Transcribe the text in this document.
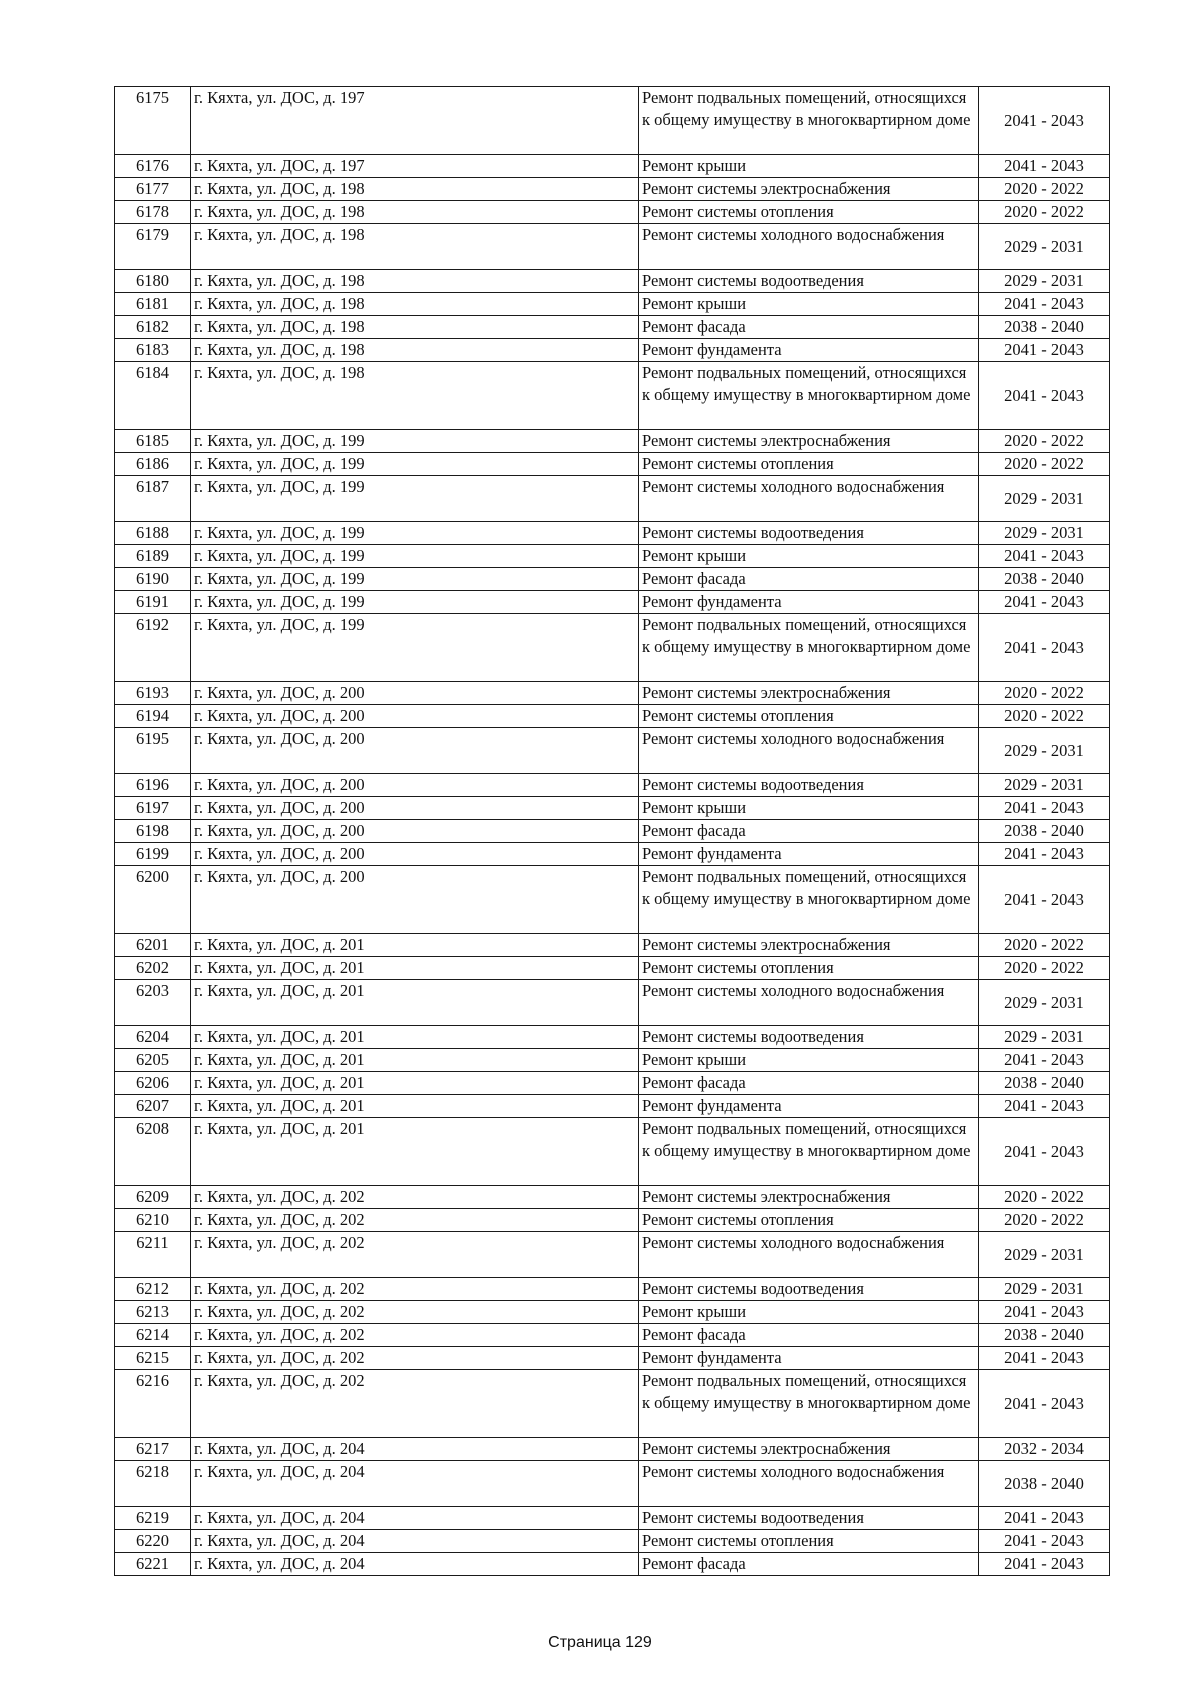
6175	г. Кяхта, ул. ДОС, д. 197	Ремонт подвальных помещений, относящихся к общему имуществу в многоквартирном доме	2041 - 2043
6176	г. Кяхта, ул. ДОС, д. 197	Ремонт крыши	2041 - 2043
6177	г. Кяхта, ул. ДОС, д. 198	Ремонт системы электроснабжения	2020 - 2022
6178	г. Кяхта, ул. ДОС, д. 198	Ремонт системы отопления	2020 - 2022
6179	г. Кяхта, ул. ДОС, д. 198	Ремонт системы холодного водоснабжения	2029 - 2031
6180	г. Кяхта, ул. ДОС, д. 198	Ремонт системы водоотведения	2029 - 2031
6181	г. Кяхта, ул. ДОС, д. 198	Ремонт крыши	2041 - 2043
6182	г. Кяхта, ул. ДОС, д. 198	Ремонт фасада	2038 - 2040
6183	г. Кяхта, ул. ДОС, д. 198	Ремонт фундамента	2041 - 2043
6184	г. Кяхта, ул. ДОС, д. 198	Ремонт подвальных помещений, относящихся к общему имуществу в многоквартирном доме	2041 - 2043
6185	г. Кяхта, ул. ДОС, д. 199	Ремонт системы электроснабжения	2020 - 2022
6186	г. Кяхта, ул. ДОС, д. 199	Ремонт системы отопления	2020 - 2022
6187	г. Кяхта, ул. ДОС, д. 199	Ремонт системы холодного водоснабжения	2029 - 2031
6188	г. Кяхта, ул. ДОС, д. 199	Ремонт системы водоотведения	2029 - 2031
6189	г. Кяхта, ул. ДОС, д. 199	Ремонт крыши	2041 - 2043
6190	г. Кяхта, ул. ДОС, д. 199	Ремонт фасада	2038 - 2040
6191	г. Кяхта, ул. ДОС, д. 199	Ремонт фундамента	2041 - 2043
6192	г. Кяхта, ул. ДОС, д. 199	Ремонт подвальных помещений, относящихся к общему имуществу в многоквартирном доме	2041 - 2043
6193	г. Кяхта, ул. ДОС, д. 200	Ремонт системы электроснабжения	2020 - 2022
6194	г. Кяхта, ул. ДОС, д. 200	Ремонт системы отопления	2020 - 2022
6195	г. Кяхта, ул. ДОС, д. 200	Ремонт системы холодного водоснабжения	2029 - 2031
6196	г. Кяхта, ул. ДОС, д. 200	Ремонт системы водоотведения	2029 - 2031
6197	г. Кяхта, ул. ДОС, д. 200	Ремонт крыши	2041 - 2043
6198	г. Кяхта, ул. ДОС, д. 200	Ремонт фасада	2038 - 2040
6199	г. Кяхта, ул. ДОС, д. 200	Ремонт фундамента	2041 - 2043
6200	г. Кяхта, ул. ДОС, д. 200	Ремонт подвальных помещений, относящихся к общему имуществу в многоквартирном доме	2041 - 2043
6201	г. Кяхта, ул. ДОС, д. 201	Ремонт системы электроснабжения	2020 - 2022
6202	г. Кяхта, ул. ДОС, д. 201	Ремонт системы отопления	2020 - 2022
6203	г. Кяхта, ул. ДОС, д. 201	Ремонт системы холодного водоснабжения	2029 - 2031
6204	г. Кяхта, ул. ДОС, д. 201	Ремонт системы водоотведения	2029 - 2031
6205	г. Кяхта, ул. ДОС, д. 201	Ремонт крыши	2041 - 2043
6206	г. Кяхта, ул. ДОС, д. 201	Ремонт фасада	2038 - 2040
6207	г. Кяхта, ул. ДОС, д. 201	Ремонт фундамента	2041 - 2043
6208	г. Кяхта, ул. ДОС, д. 201	Ремонт подвальных помещений, относящихся к общему имуществу в многоквартирном доме	2041 - 2043
6209	г. Кяхта, ул. ДОС, д. 202	Ремонт системы электроснабжения	2020 - 2022
6210	г. Кяхта, ул. ДОС, д. 202	Ремонт системы отопления	2020 - 2022
6211	г. Кяхта, ул. ДОС, д. 202	Ремонт системы холодного водоснабжения	2029 - 2031
6212	г. Кяхта, ул. ДОС, д. 202	Ремонт системы водоотведения	2029 - 2031
6213	г. Кяхта, ул. ДОС, д. 202	Ремонт крыши	2041 - 2043
6214	г. Кяхта, ул. ДОС, д. 202	Ремонт фасада	2038 - 2040
6215	г. Кяхта, ул. ДОС, д. 202	Ремонт фундамента	2041 - 2043
6216	г. Кяхта, ул. ДОС, д. 202	Ремонт подвальных помещений, относящихся к общему имуществу в многоквартирном доме	2041 - 2043
6217	г. Кяхта, ул. ДОС, д. 204	Ремонт системы электроснабжения	2032 - 2034
6218	г. Кяхта, ул. ДОС, д. 204	Ремонт системы холодного водоснабжения	2038 - 2040
6219	г. Кяхта, ул. ДОС, д. 204	Ремонт системы водоотведения	2041 - 2043
6220	г. Кяхта, ул. ДОС, д. 204	Ремонт системы отопления	2041 - 2043
6221	г. Кяхта, ул. ДОС, д. 204	Ремонт фасада	2041 - 2043
Страница 129
